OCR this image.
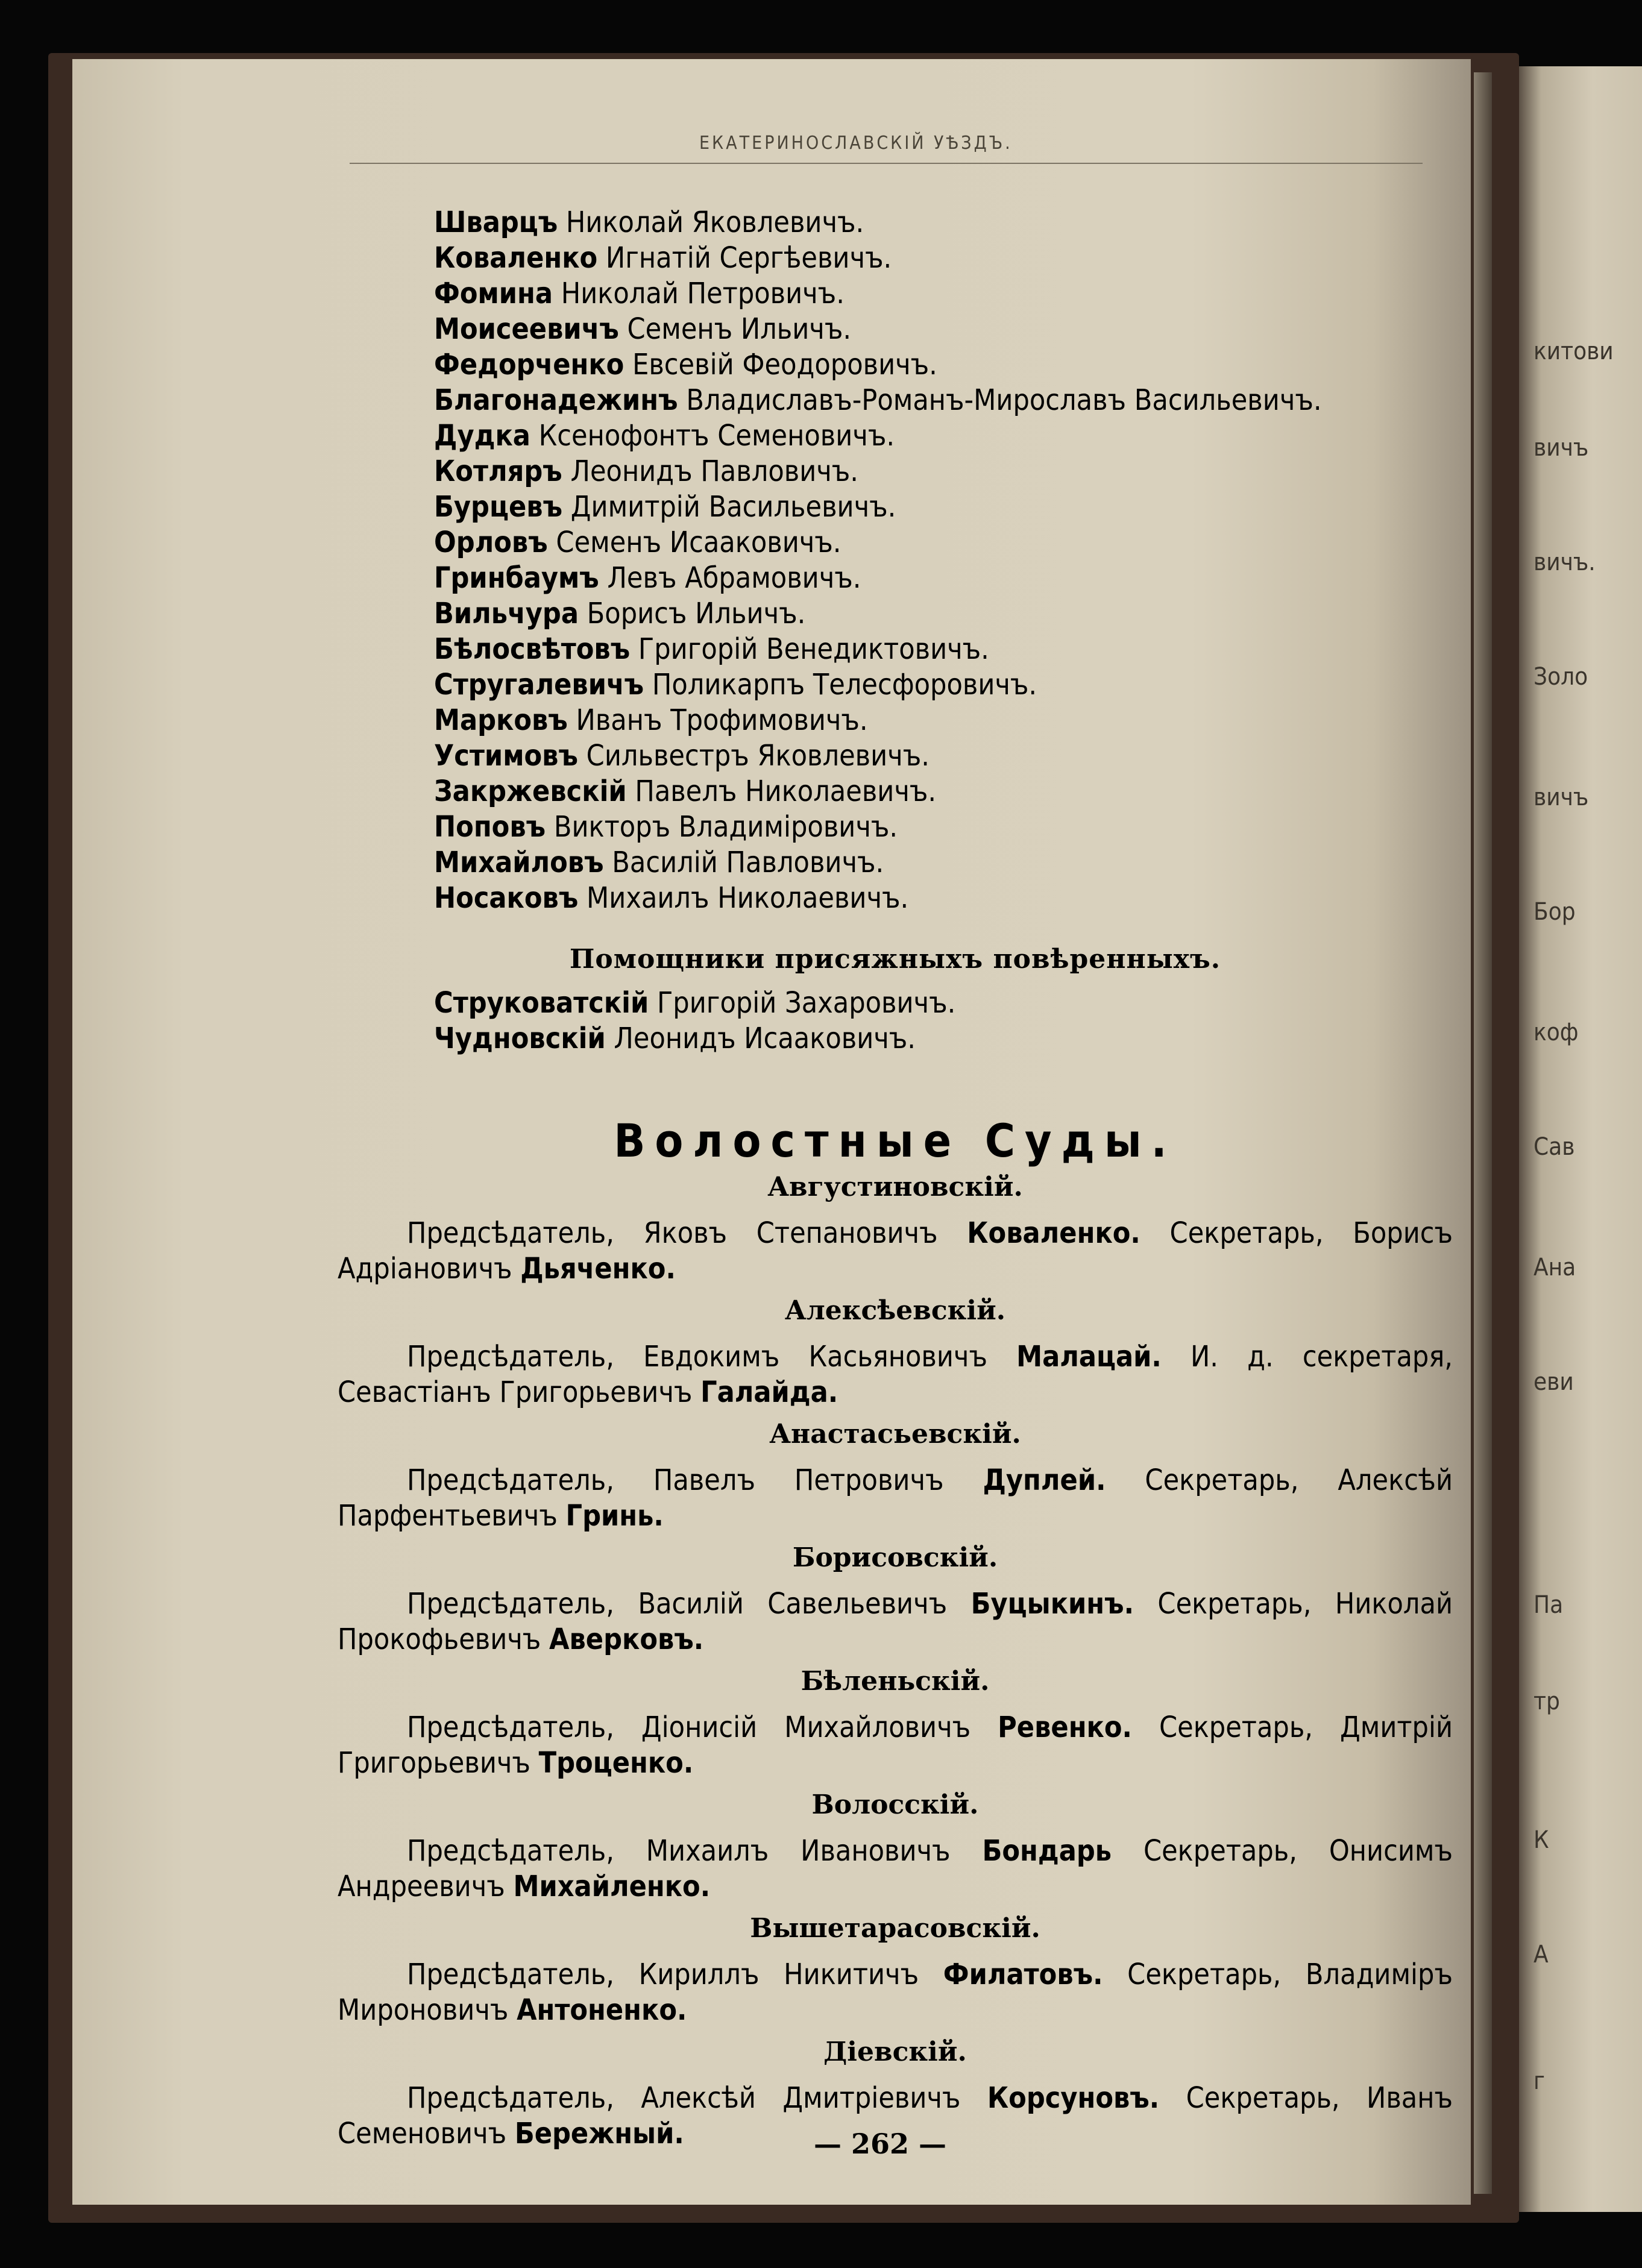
китови
вичъ
вичъ.
Золо
вичъ
Бор
коф
Сав
Ана
еви
Па
тр
К
А
г
ЕКАТЕРИНОСЛАВСКІЙ УѢЗДЪ.
Шварцъ Николай Яковлевичъ.
Коваленко Игнатій Сергѣевичъ.
Фомина Николай Петровичъ.
Моисеевичъ Семенъ Ильичъ.
Федорченко Евсевій Феодоровичъ.
Благонадежинъ Владиславъ-Романъ-Мирославъ Васильевичъ.
Дудка Ксенофонтъ Семеновичъ.
Котляръ Леонидъ Павловичъ.
Бурцевъ Димитрій Васильевичъ.
Орловъ Семенъ Исааковичъ.
Гринбаумъ Левъ Абрамовичъ.
Вильчура Борисъ Ильичъ.
Бѣлосвѣтовъ Григорій Венедиктовичъ.
Стругалевичъ Поликарпъ Телесфоровичъ.
Марковъ Иванъ Трофимовичъ.
Устимовъ Сильвестръ Яковлевичъ.
Закржевскій Павелъ Николаевичъ.
Поповъ Викторъ Владиміровичъ.
Михайловъ Василій Павловичъ.
Носаковъ Михаилъ Николаевичъ.
Помощники присяжныхъ повѣренныхъ.
Струковатскій Григорій Захаровичъ.
Чудновскій Леонидъ Исааковичъ.
Волостные Суды.
Августиновскій.
Предсѣдатель, Яковъ Степановичъ Коваленко. Секретарь, Борисъ Адріановичъ Дьяченко.
Алексѣевскій.
Предсѣдатель, Евдокимъ Касьяновичъ Малацай. И. д. секретаря, Севастіанъ Григорьевичъ Галайда.
Анастасьевскій.
Предсѣдатель, Павелъ Петровичъ Дуплей. Секретарь, Алексѣй Парфентьевичъ Гринь.
Борисовскій.
Предсѣдатель, Василій Савельевичъ Буцыкинъ. Секретарь, Николай Прокофьевичъ Аверковъ.
Бѣленьскій.
Предсѣдатель, Діонисій Михайловичъ Ревенко. Секретарь, Дмитрій Григорьевичъ Троценко.
Волосскій.
Предсѣдатель, Михаилъ Ивановичъ Бондарь Секретарь, Онисимъ Андреевичъ Михайленко.
Вышетарасовскій.
Предсѣдатель, Кириллъ Никитичъ Филатовъ. Секретарь, Владиміръ Мироновичъ Антоненко.
Діевскій.
Предсѣдатель, Алексѣй Дмитріевичъ Корсуновъ. Секретарь, Иванъ Семеновичъ Бережный.	— 262 —
